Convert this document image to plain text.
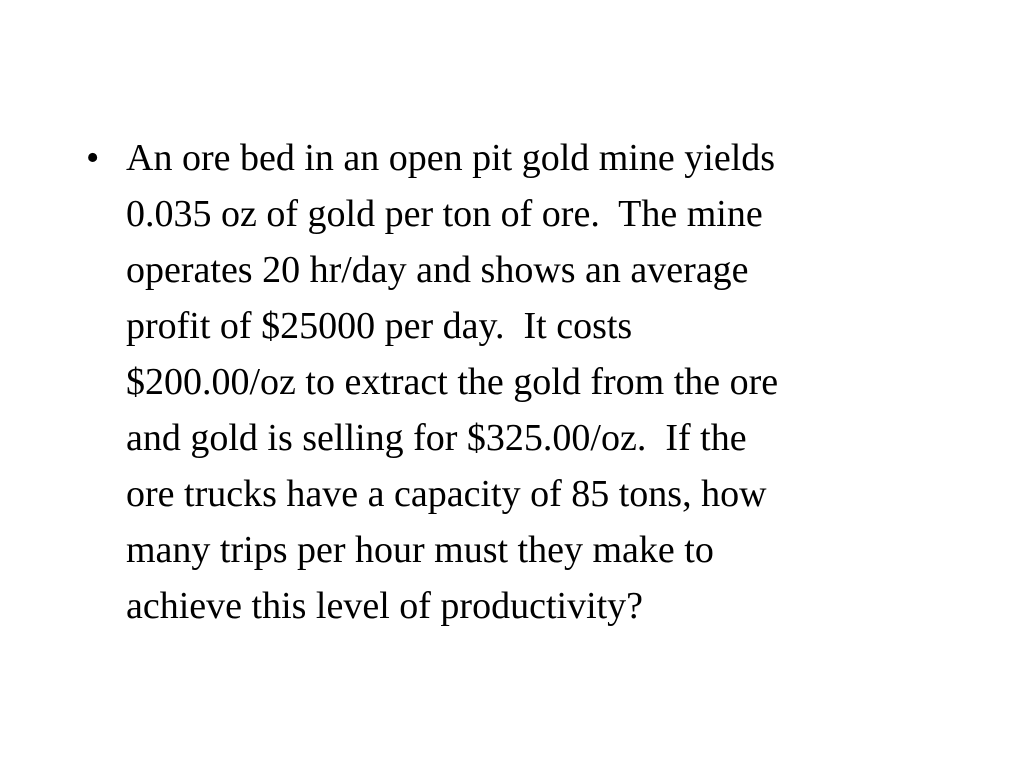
• An ore bed in an open pit gold mine yields
0.035 oz of gold per ton of ore.  The mine
operates 20 hr/day and shows an average
profit of $25000 per day.  It costs
$200.00/oz to extract the gold from the ore
and gold is selling for $325.00/oz.  If the
ore trucks have a capacity of 85 tons, how
many trips per hour must they make to
achieve this level of productivity?
